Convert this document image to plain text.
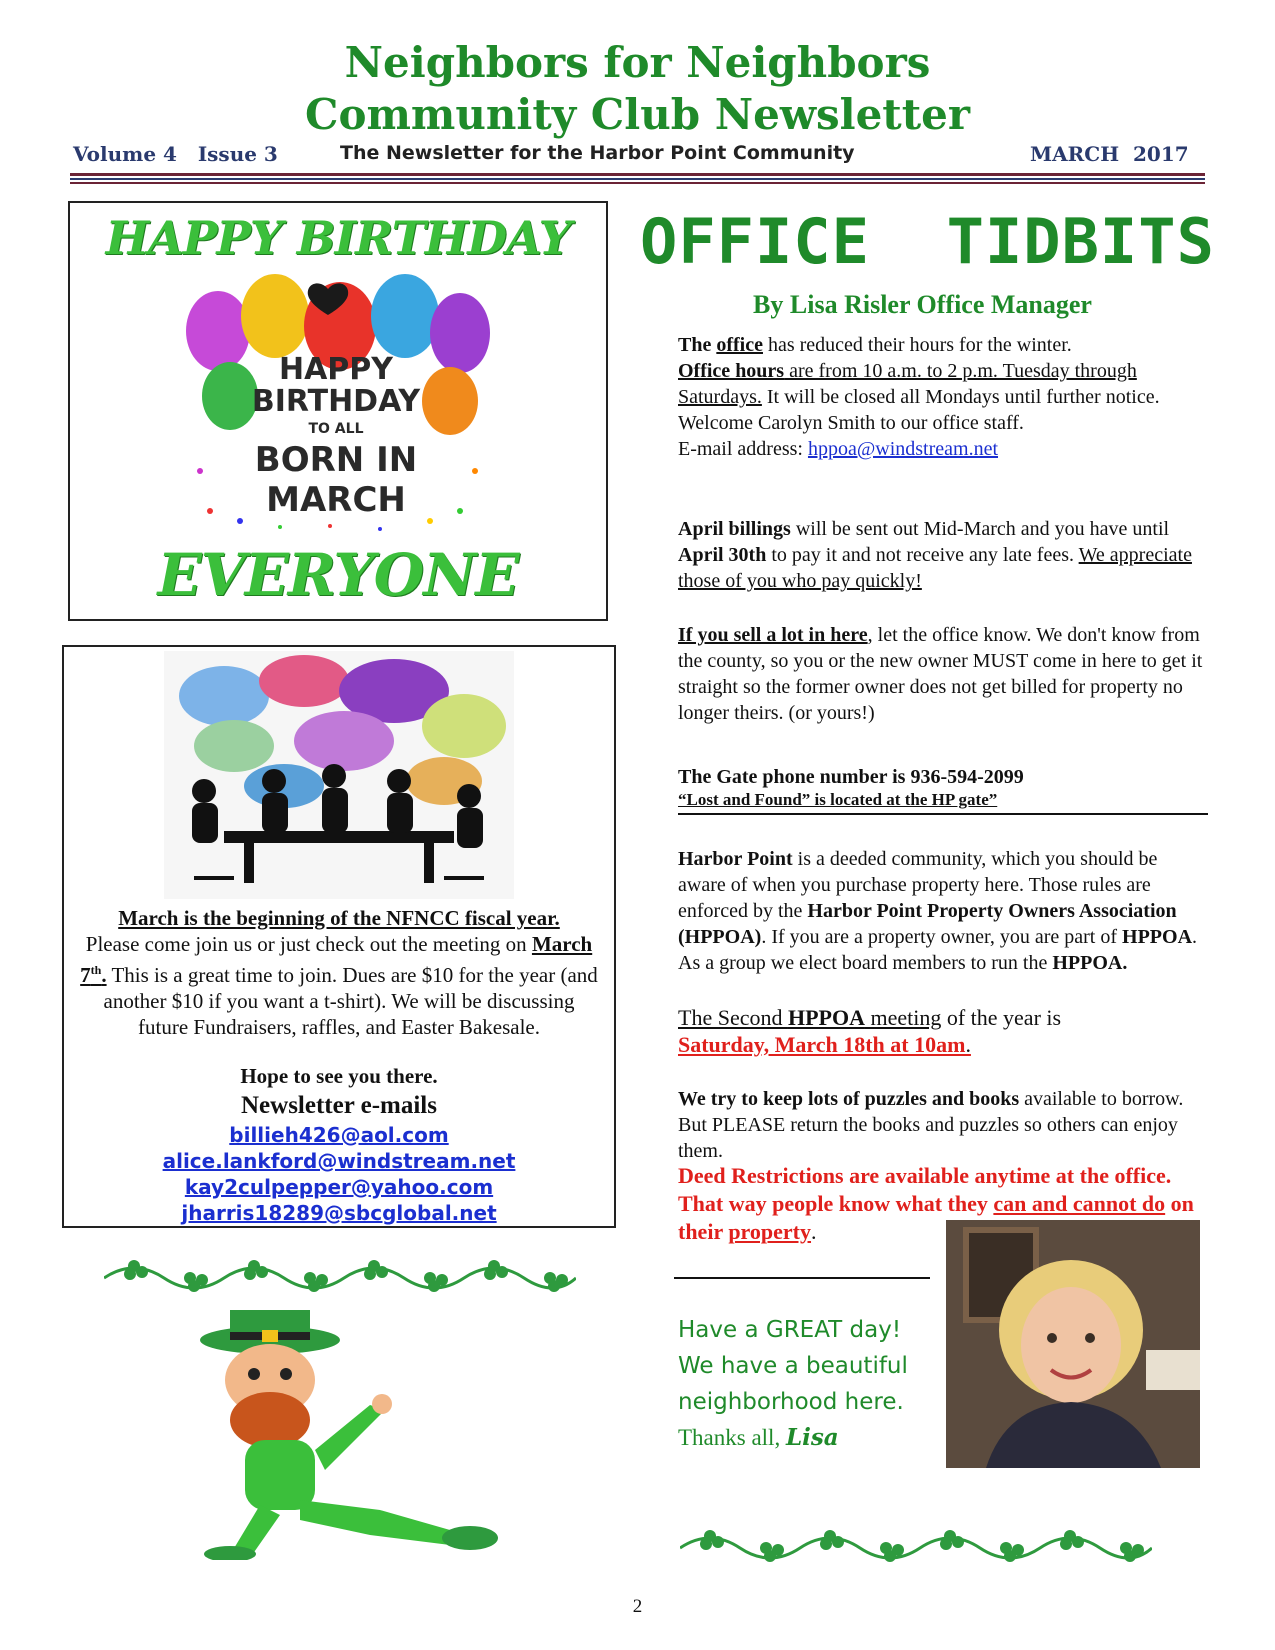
Neighbors for Neighbors
Community Club Newsletter
Volume 4   Issue 3	The Newsletter for the Harbor Point Community	MARCH  2017
HAPPY BIRTHDAY
HAPPY
BIRTHDAY
TO ALL
BORN IN
MARCH
EVERYONE
March is the beginning of the NFNCC fiscal year.
Please come join us or just check out the meeting on March 7th. This is a great time to join. Dues are $10 for the year (and another $10 if you want a t-shirt). We will be discussing future Fundraisers, raffles, and Easter Bakesale.
Hope to see you there.
Newsletter e-mails
billieh426@aol.com
alice.lankford@windstream.net
kay2culpepper@yahoo.com
jharris18289@sbcglobal.net
OFFICE  TIDBITS
By Lisa Risler Office Manager
The office has reduced their hours for the winter.
Office hours are from 10 a.m. to 2 p.m. Tuesday through Saturdays. It will be closed all Mondays until further notice.
Welcome Carolyn Smith to our office staff.
E-mail address: hppoa@windstream.net
April billings will be sent out Mid-March and you have until April 30th to pay it and not receive any late fees. We appreciate those of you who pay quickly!
If you sell a lot in here, let the office know. We don't know from the county, so you or the new owner MUST come in here to get it straight so the former owner does not get billed for property no longer theirs. (or yours!)
The Gate phone number is 936-594-2099
“Lost and Found” is located at the HP gate”
Harbor Point is a deeded community, which you should be aware of when you purchase property here. Those rules are enforced by the Harbor Point Property Owners Association (HPPOA). If you are a property owner, you are part of HPPOA. As a group we elect board members to run the HPPOA.
The Second HPPOA meeting of the year is
Saturday, March 18th at 10am.
We try to keep lots of puzzles and books available to borrow. But PLEASE return the books and puzzles so others can enjoy them.
Deed Restrictions are available anytime at the office. That way people know what they can and cannot do on their property.
Have a GREAT day!
We have a beautiful neighborhood here.
Thanks all, Lisa
2
